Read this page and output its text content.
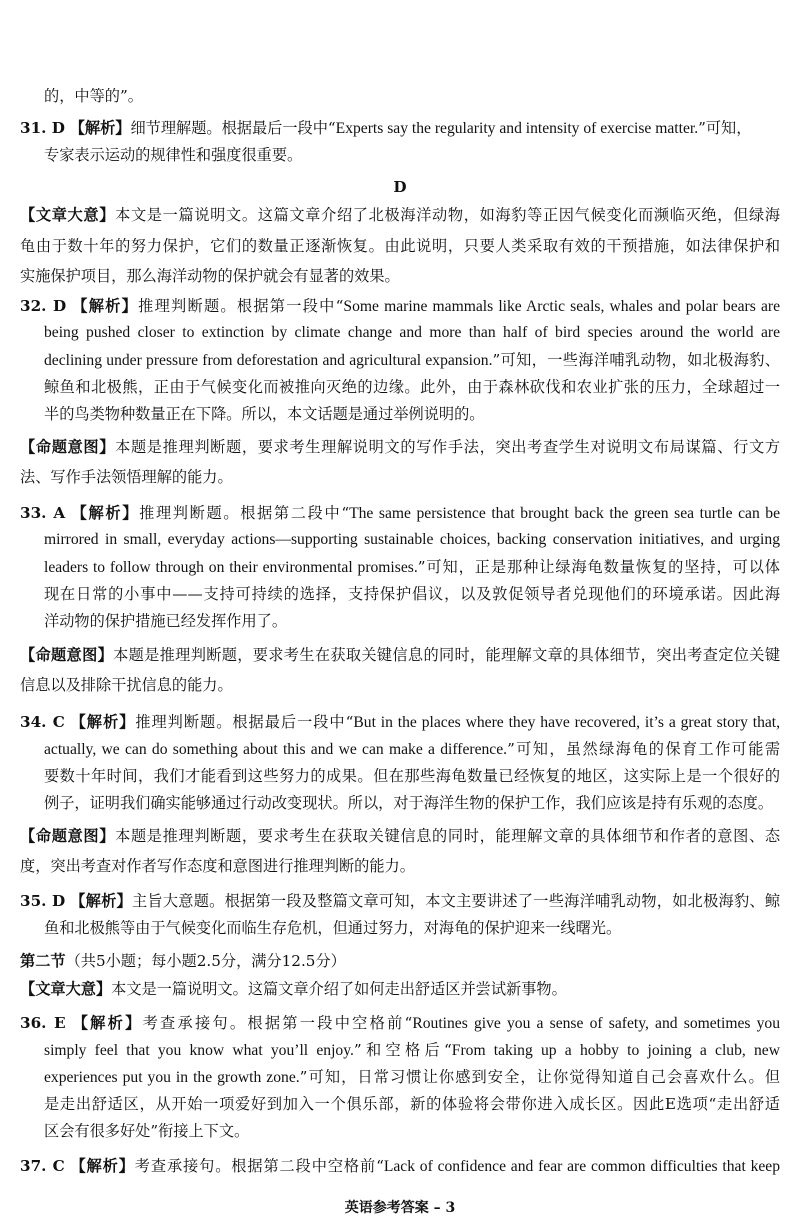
的，中等的”。
31. D 【解析】细节理解题。根据最后一段中“Experts say the regularity and intensity of exercise matter.”可知，
专家表示运动的规律性和强度很重要。
D
【文章大意】本文是一篇说明文。这篇文章介绍了北极海洋动物，如海豹等正因气候变化而濒临灭绝，但绿海
龟由于数十年的努力保护，它们的数量正逐渐恢复。由此说明，只要人类采取有效的干预措施，如法律保护和
实施保护项目，那么海洋动物的保护就会有显著的效果。
32. D 【解析】推理判断题。根据第一段中“Some marine mammals like Arctic seals, whales and polar bears are
being pushed closer to extinction by climate change and more than half of bird species around the world are
declining under pressure from deforestation and agricultural expansion.”可知，一些海洋哺乳动物，如北极海豹、
鲸鱼和北极熊，正由于气候变化而被推向灭绝的边缘。此外，由于森林砍伐和农业扩张的压力，全球超过一
半的鸟类物种数量正在下降。所以，本文话题是通过举例说明的。
【命题意图】本题是推理判断题，要求考生理解说明文的写作手法，突出考查学生对说明文布局谋篇、行文方
法、写作手法领悟理解的能力。
33. A 【解析】推理判断题。根据第二段中“The same persistence that brought back the green sea turtle can be
mirrored in small, everyday actions—supporting sustainable choices, backing conservation initiatives, and urging
leaders to follow through on their environmental promises.”可知，正是那种让绿海龟数量恢复的坚持，可以体
现在日常的小事中——支持可持续的选择，支持保护倡议，以及敦促领导者兑现他们的环境承诺。因此海
洋动物的保护措施已经发挥作用了。
【命题意图】本题是推理判断题，要求考生在获取关键信息的同时，能理解文章的具体细节，突出考查定位关键
信息以及排除干扰信息的能力。
34. C 【解析】推理判断题。根据最后一段中“But in the places where they have recovered, it’s a great story that,
actually, we can do something about this and we can make a difference.”可知，虽然绿海龟的保育工作可能需
要数十年时间，我们才能看到这些努力的成果。但在那些海龟数量已经恢复的地区，这实际上是一个很好的
例子，证明我们确实能够通过行动改变现状。所以，对于海洋生物的保护工作，我们应该是持有乐观的态度。
【命题意图】本题是推理判断题，要求考生在获取关键信息的同时，能理解文章的具体细节和作者的意图、态
度，突出考查对作者写作态度和意图进行推理判断的能力。
35. D 【解析】主旨大意题。根据第一段及整篇文章可知，本文主要讲述了一些海洋哺乳动物，如北极海豹、鲸
鱼和北极熊等由于气候变化而临生存危机，但通过努力，对海龟的保护迎来一线曙光。
第二节（共5小题；每小题2.5分，满分12.5分）
【文章大意】本文是一篇说明文。这篇文章介绍了如何走出舒适区并尝试新事物。
36. E 【解析】考查承接句。根据第一段中空格前“Routines give you a sense of safety, and sometimes you
simply feel that you know what you’ll enjoy.”和空格后“From taking up a hobby to joining a club, new
experiences put you in the growth zone.”可知，日常习惯让你感到安全，让你觉得知道自己会喜欢什么。但
是走出舒适区，从开始一项爱好到加入一个俱乐部，新的体验将会带你进入成长区。因此E选项“走出舒适
区会有很多好处”衔接上下文。
37. C 【解析】考查承接句。根据第二段中空格前“Lack of confidence and fear are common difficulties that keep
英语参考答案 – 3
